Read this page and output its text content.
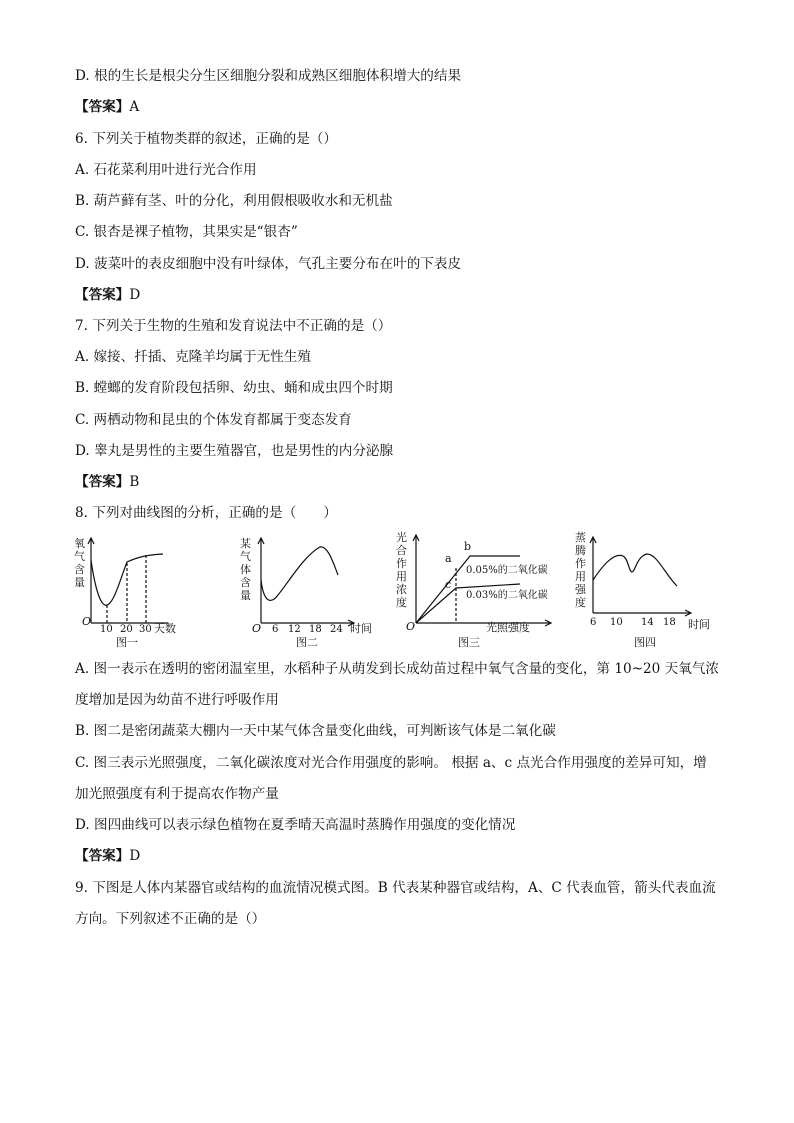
D. 根的生长是根尖分生区细胞分裂和成熟区细胞体积增大的结果
【答案】A
6. 下列关于植物类群的叙述，正确的是（）
A. 石花菜利用叶进行光合作用
B. 葫芦藓有茎、叶的分化，利用假根吸收水和无机盐
C. 银杏是裸子植物，其果实是“银杏”
D. 菠菜叶的表皮细胞中没有叶绿体，气孔主要分布在叶的下表皮
【答案】D
7. 下列关于生物的生殖和发育说法中不正确的是（）
A. 嫁接、扦插、克隆羊均属于无性生殖
B. 螳螂的发育阶段包括卵、幼虫、蛹和成虫四个时期
C. 两栖动物和昆虫的个体发育都属于变态发育
D. 睾丸是男性的主要生殖器官，也是男性的内分泌腺
【答案】B
8. 下列对曲线图的分析，正确的是（　　）
氧气含量
O
10 20 30 天数
图一
某气体含量
O 6 12 18 24 时间
图二
光合作用浓度
a
b
c
0.05%的二氧化碳
0.03%的二氧化碳
O	光照强度
图三
蒸腾作用强度
6 10 14 18 时间
图四
A. 图一表示在透明的密闭温室里，水稻种子从萌发到长成幼苗过程中氧气含量的变化，第 10~20 天氧气浓
度增加是因为幼苗不进行呼吸作用
B. 图二是密闭蔬菜大棚内一天中某气体含量变化曲线，可判断该气体是二氧化碳
C. 图三表示光照强度，二氧化碳浓度对光合作用强度的影响。 根据 a、c 点光合作用强度的差异可知，增
加光照强度有利于提高农作物产量
D. 图四曲线可以表示绿色植物在夏季晴天高温时蒸腾作用强度的变化情况
【答案】D
9. 下图是人体内某器官或结构的血流情况模式图。B 代表某种器官或结构，A、C 代表血管，箭头代表血流
方向。下列叙述不正确的是（）
